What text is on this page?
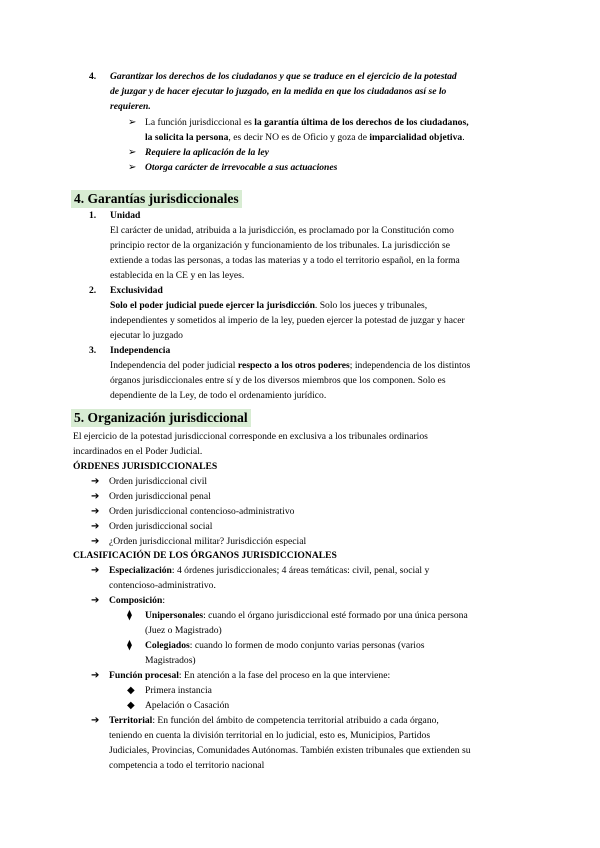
4. Garantizar los derechos de los ciudadanos y que se traduce en el ejercicio de la potestad
de juzgar y de hacer ejecutar lo juzgado, en la medida en que los ciudadanos así se lo
requieren.
➢ La función jurisdiccional es la garantía última de los derechos de los ciudadanos,
la solicita la persona, es decir NO es de Oficio y goza de imparcialidad objetiva.
➢ Requiere la aplicación de la ley
➢ Otorga carácter de irrevocable a sus actuaciones
4. Garantías jurisdiccionales
1. Unidad
El carácter de unidad, atribuida a la jurisdicción, es proclamado por la Constitución como
principio rector de la organización y funcionamiento de los tribunales. La jurisdicción se
extiende a todas las personas, a todas las materias y a todo el territorio español, en la forma
establecida en la CE y en las leyes.
2. Exclusividad
Solo el poder judicial puede ejercer la jurisdicción. Solo los jueces y tribunales,
independientes y sometidos al imperio de la ley, pueden ejercer la potestad de juzgar y hacer
ejecutar lo juzgado
3. Independencia
Independencia del poder judicial respecto a los otros poderes; independencia de los distintos
órganos jurisdiccionales entre sí y de los diversos miembros que los componen. Solo es
dependiente de la Ley, de todo el ordenamiento jurídico.
5. Organización jurisdiccional
El ejercicio de la potestad jurisdiccional corresponde en exclusiva a los tribunales ordinarios
incardinados en el Poder Judicial.
ÓRDENES JURISDICCIONALES
➔ Orden jurisdiccional civil
➔ Orden jurisdiccional penal
➔ Orden jurisdiccional contencioso-administrativo
➔ Orden jurisdiccional social
➔ ¿Orden jurisdiccional militar? Jurisdicción especial
CLASIFICACIÓN DE LOS ÓRGANOS JURISDICCIONALES
➔ Especialización: 4 órdenes jurisdiccionales; 4 áreas temáticas: civil, penal, social y
contencioso-administrativo.
➔ Composición:
⧫ Unipersonales: cuando el órgano jurisdiccional esté formado por una única persona
(Juez o Magistrado)
⧫ Colegiados: cuando lo formen de modo conjunto varias personas (varios
Magistrados)
➔ Función procesal: En atención a la fase del proceso en la que interviene:
◆ Primera instancia
◆ Apelación o Casación
➔ Territorial: En función del ámbito de competencia territorial atribuido a cada órgano,
teniendo en cuenta la división territorial en lo judicial, esto es, Municipios, Partidos
Judiciales, Provincias, Comunidades Autónomas. También existen tribunales que extienden su
competencia a todo el territorio nacional
